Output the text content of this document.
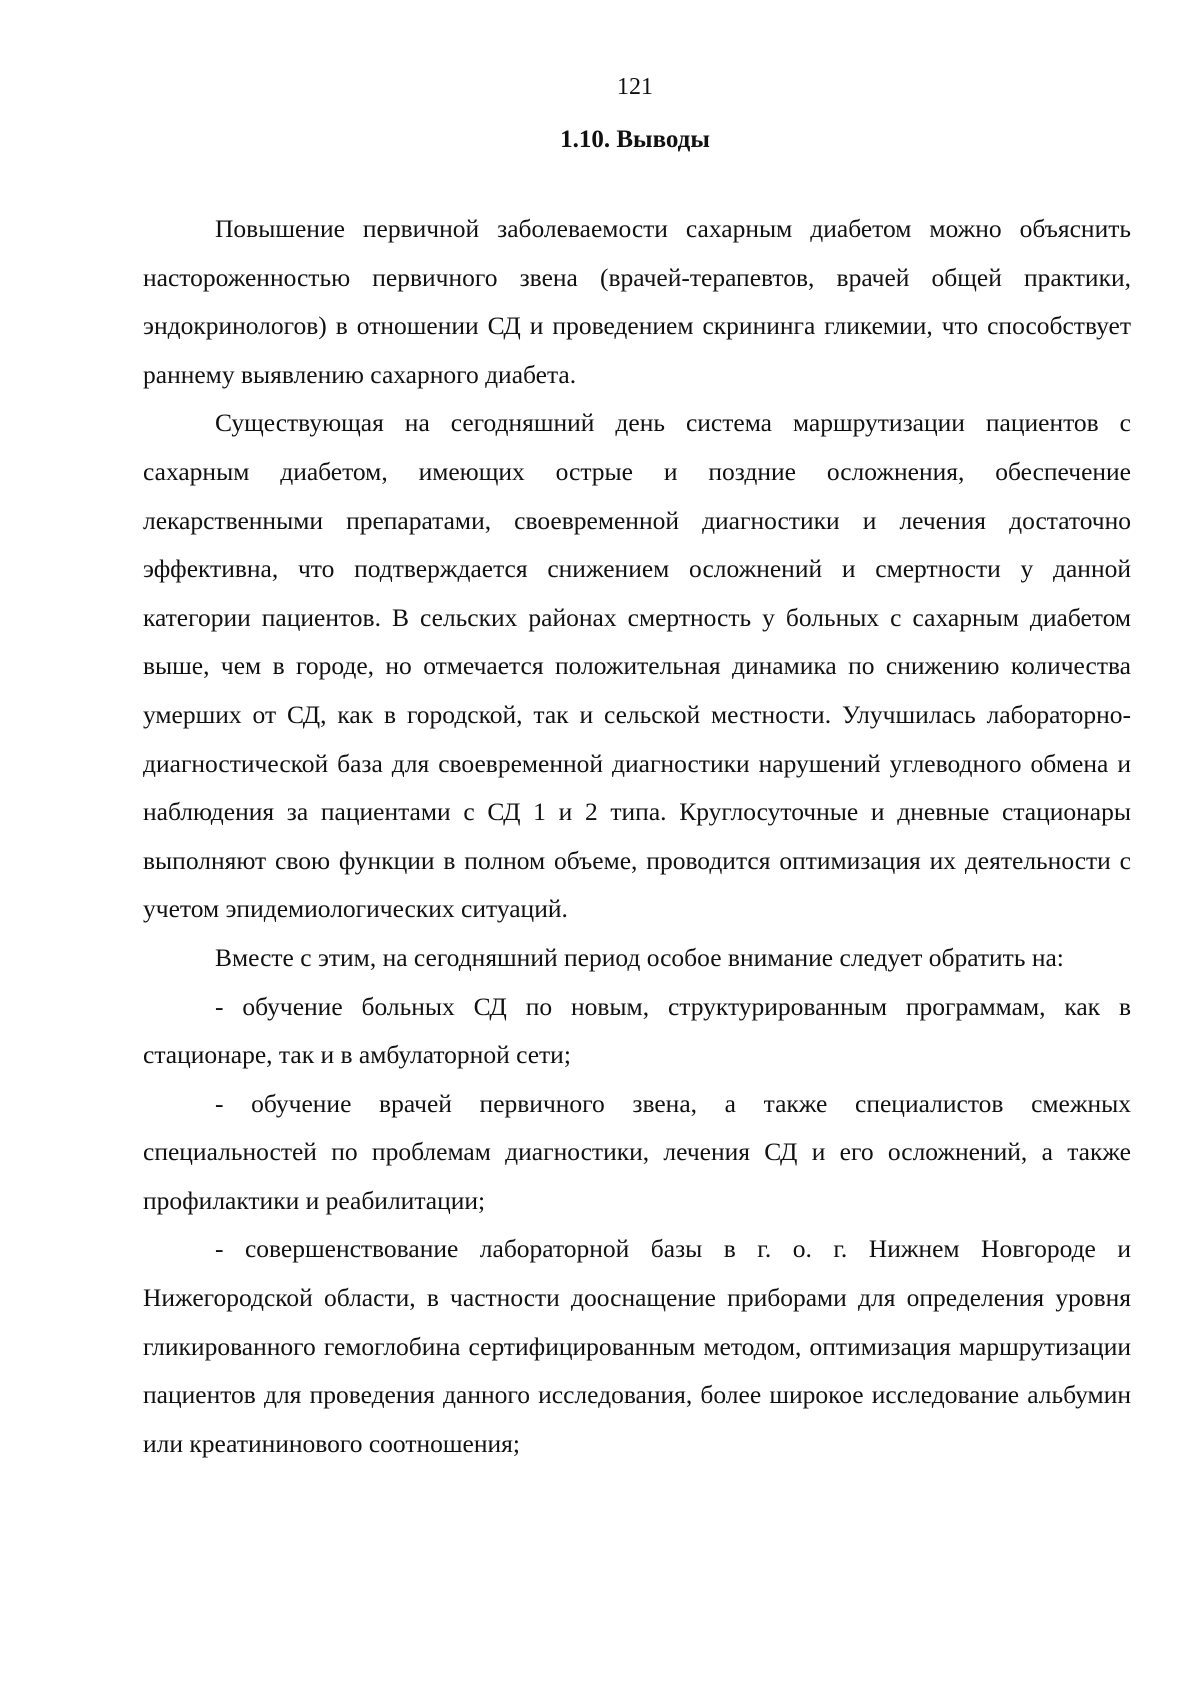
121
1.10. Выводы

Повышение первичной заболеваемости сахарным диабетом можно объяснить настороженностью первичного звена (врачей-терапевтов, врачей общей практики, эндокринологов) в отношении СД и проведением скрининга гликемии, что способствует раннему выявлению сахарного диабета.

Существующая на сегодняшний день система маршрутизации пациентов с сахарным диабетом, имеющих острые и поздние осложнения, обеспечение лекарственными препаратами, своевременной диагностики и лечения достаточно эффективна, что подтверждается снижением осложнений и смертности у данной категории пациентов. В сельских районах смертность у больных с сахарным диабетом выше, чем в городе, но отмечается положительная динамика по снижению количества умерших от СД, как в городской, так и сельской местности. Улучшилась лабораторно-диагностической база для своевременной диагностики нарушений углеводного обмена и наблюдения за пациентами с СД 1 и 2 типа. Круглосуточные и дневные стационары выполняют свою функции в полном объеме, проводится оптимизация их деятельности с учетом эпидемиологических ситуаций.

Вместе с этим, на сегодняшний период особое внимание следует обратить на:

- обучение больных СД по новым, структурированным программам, как в стационаре, так и в амбулаторной сети;

- обучение врачей первичного звена, а также специалистов смежных специальностей по проблемам диагностики, лечения СД и его осложнений, а также профилактики и реабилитации;

- совершенствование лабораторной базы в г. о. г. Нижнем Новгороде и Нижегородской области, в частности дооснащение приборами для определения уровня гликированного гемоглобина сертифицированным методом, оптимизация маршрутизации пациентов для проведения данного исследования, более широкое исследование альбумин или креатининового соотношения;
